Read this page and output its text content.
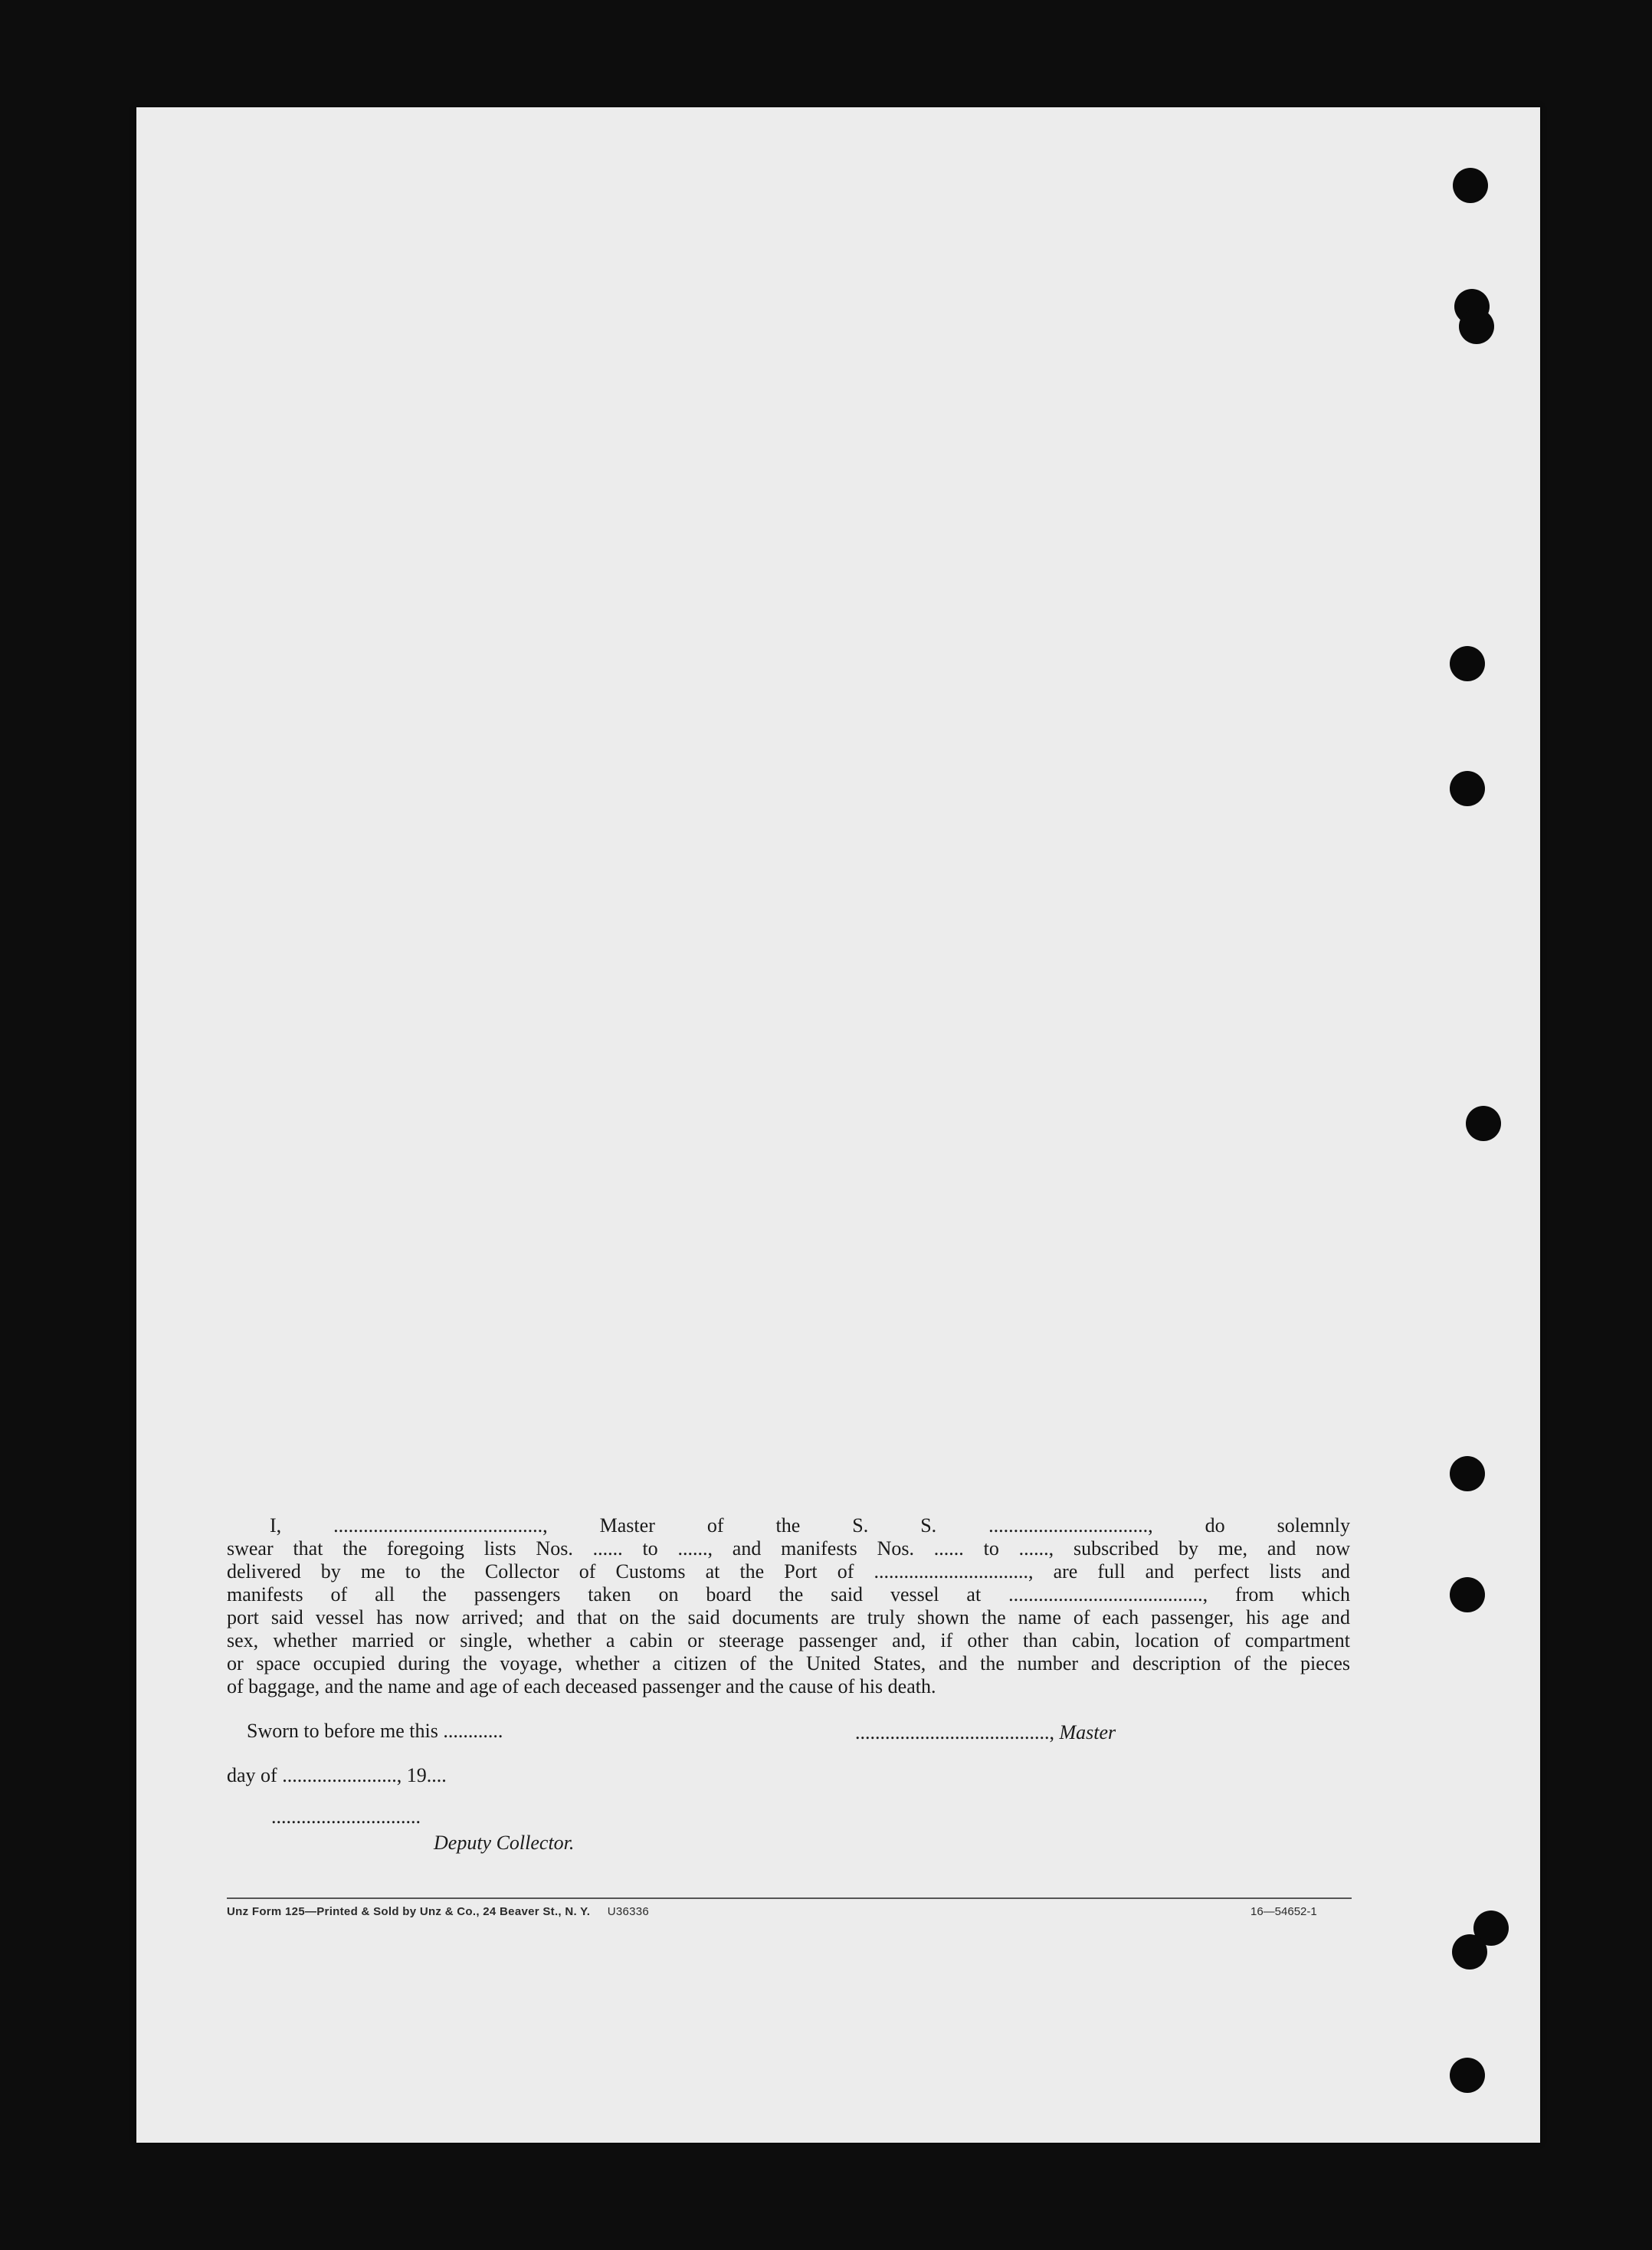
I, .........................................., Master of the S. S. ................................, do solemnly
swear that the foregoing lists Nos. ...... to ......, and manifests Nos. ...... to ......, subscribed by me, and now
delivered by me to the Collector of Customs at the Port of ..............................., are full and perfect lists and
manifests of all the passengers taken on board the said vessel at ......................................., from which
port said vessel has now arrived; and that on the said documents are truly shown the name of each passenger, his age and
sex, whether married or single, whether a cabin or steerage passenger and, if other than cabin, location of compartment
or space occupied during the voyage, whether a citizen of the United States, and the number and description of the pieces
of baggage, and the name and age of each deceased passenger and the cause of his death.
Sworn to before me this ............	......................................., Master
day of ......................., 19....
..............................
Deputy Collector.
Unz Form 125—Printed & Sold by Unz & Co., 24 Beaver St., N. Y. U36336	16—54652-1
